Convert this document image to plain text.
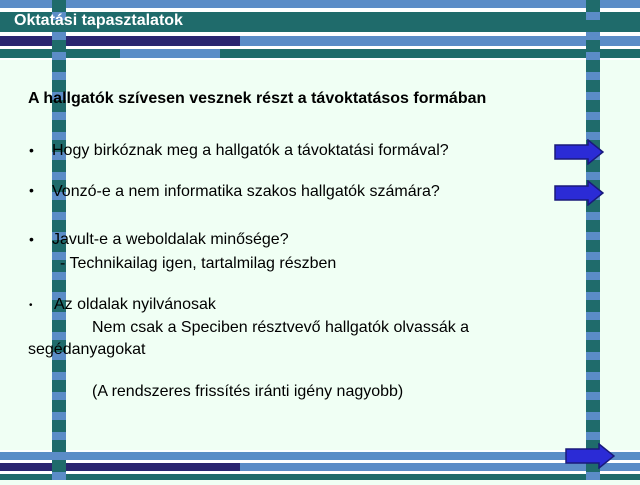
Oktatási tapasztalatok
A hallgatók szívesen vesznek részt a távoktatásos formában
• Hogy birkóznak meg a hallgatók a távoktatási formával?
• Vonzó-e a nem informatika szakos hallgatók számára?
• Javult-e a weboldalak minősége?
- Technikailag igen, tartalmilag részben
• Az oldalak nyilvánosak
Nem csak a Speciben résztvevő hallgatók olvassák a
segédanyagokat
(A rendszeres frissítés iránti igény nagyobb)
